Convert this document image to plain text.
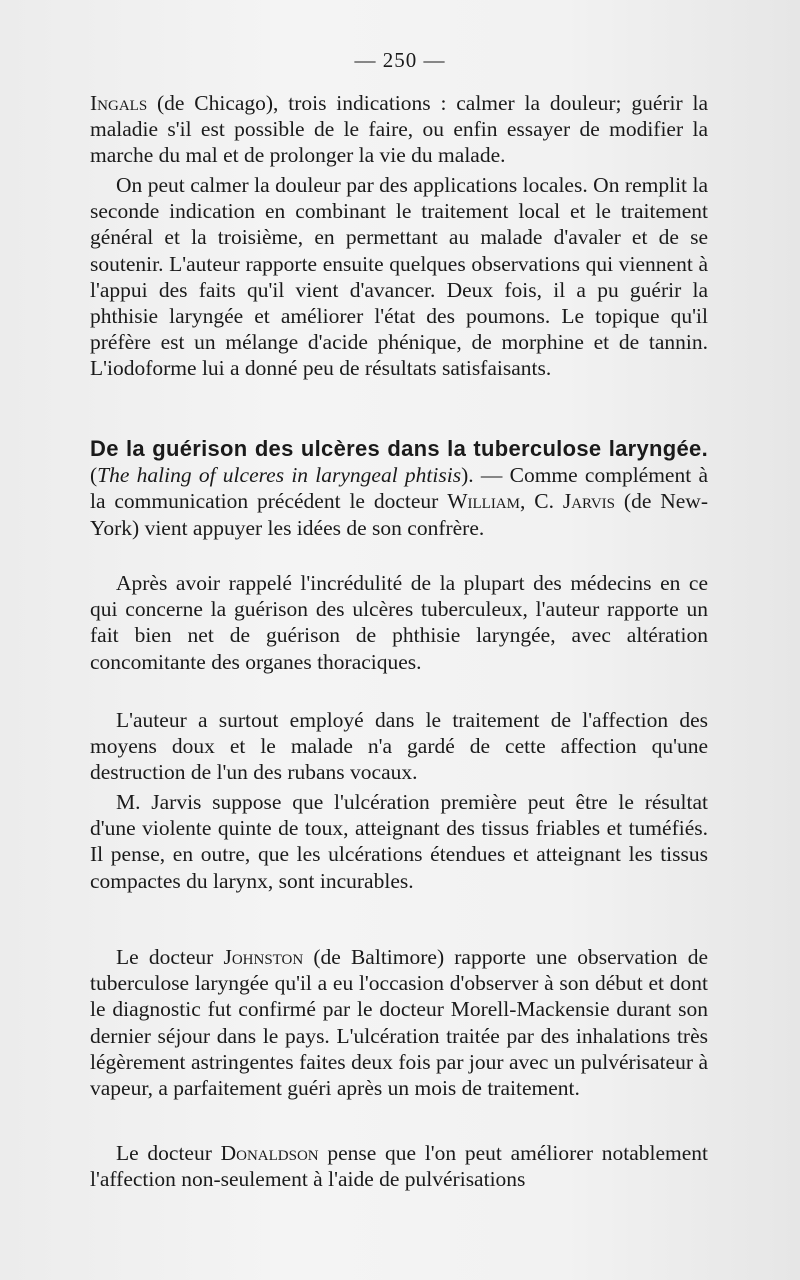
— 250 —

Ingals (de Chicago), trois indications : calmer la douleur; guérir la maladie s'il est possible de le faire, ou enfin essayer de modifier la marche du mal et de prolonger la vie du malade.

On peut calmer la douleur par des applications locales. On remplit la seconde indication en combinant le traitement local et le traitement général et la troisième, en permettant au malade d'avaler et de se soutenir. L'auteur rapporte ensuite quelques observations qui viennent à l'appui des faits qu'il vient d'avancer. Deux fois, il a pu guérir la phthisie laryngée et améliorer l'état des poumons. Le topique qu'il préfère est un mélange d'acide phénique, de morphine et de tannin. L'iodoforme lui a donné peu de résultats satisfaisants.

De la guérison des ulcères dans la tuberculose laryngée. (The haling of ulceres in laryngeal phtisis). — Comme complément à la communication précédent le docteur William, C. Jarvis (de New-York) vient appuyer les idées de son confrère.

Après avoir rappelé l'incrédulité de la plupart des médecins en ce qui concerne la guérison des ulcères tuberculeux, l'auteur rapporte un fait bien net de guérison de phthisie laryngée, avec altération concomitante des organes thoraciques.

L'auteur a surtout employé dans le traitement de l'affection des moyens doux et le malade n'a gardé de cette affection qu'une destruction de l'un des rubans vocaux.

M. Jarvis suppose que l'ulcération première peut être le résultat d'une violente quinte de toux, atteignant des tissus friables et tuméfiés. Il pense, en outre, que les ulcérations étendues et atteignant les tissus compactes du larynx, sont incurables.

Le docteur Johnston (de Baltimore) rapporte une observation de tuberculose laryngée qu'il a eu l'occasion d'observer à son début et dont le diagnostic fut confirmé par le docteur Morell-Mackensie durant son dernier séjour dans le pays. L'ulcération traitée par des inhalations très légèrement astringentes faites deux fois par jour avec un pulvérisateur à vapeur, a parfaitement guéri après un mois de traitement.

Le docteur Donaldson pense que l'on peut améliorer notablement l'affection non-seulement à l'aide de pulvérisations
